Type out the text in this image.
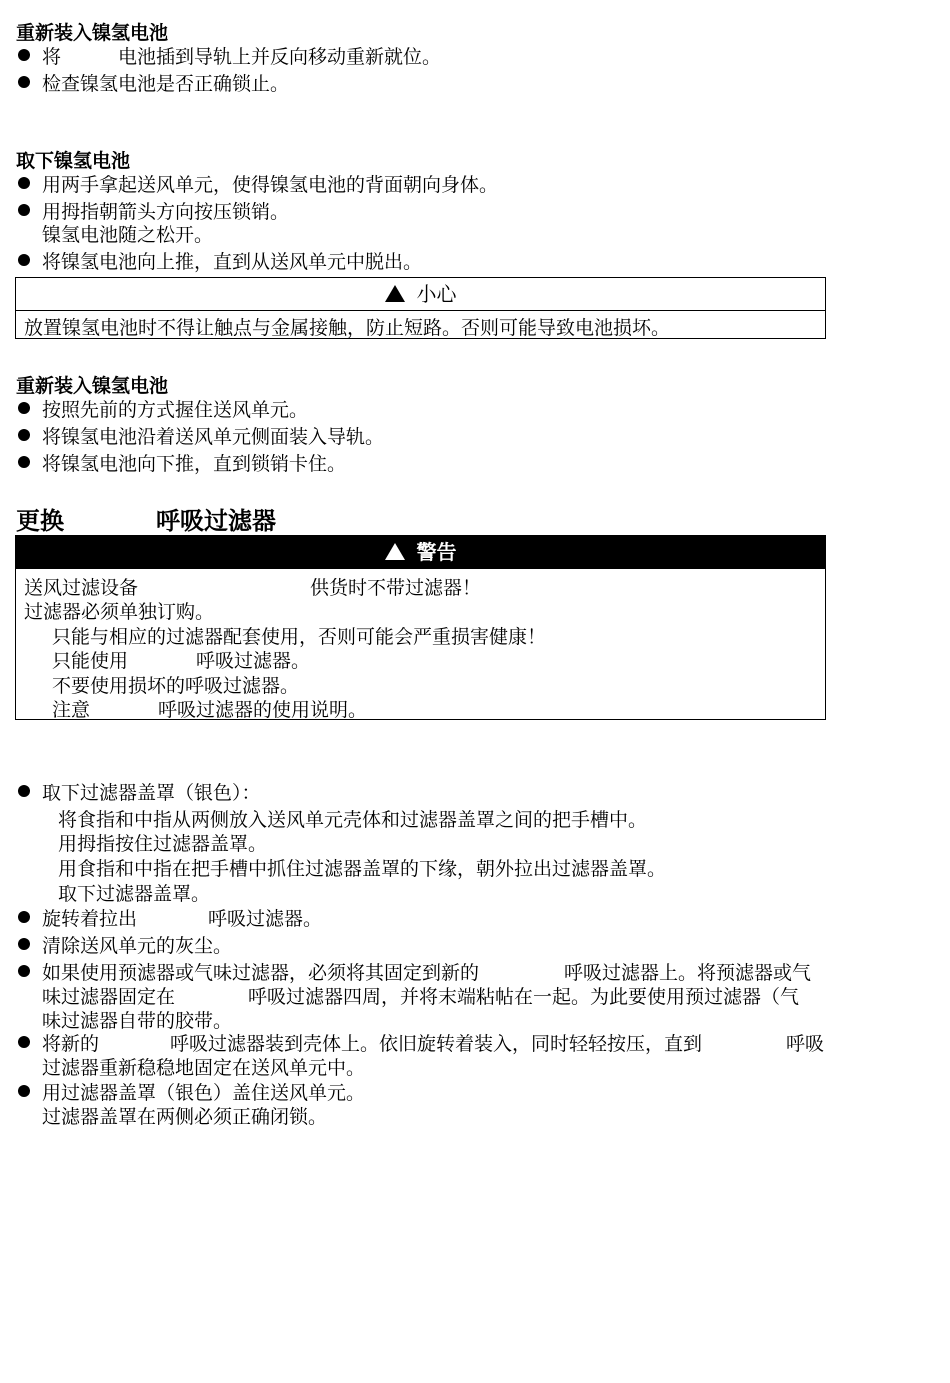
重新装入镍氢电池
将	电池插到导轨上并反向移动重新就位。
检查镍氢电池是否正确锁止。
取下镍氢电池
用两手拿起送风单元，使得镍氢电池的背面朝向身体。
用拇指朝箭头方向按压锁销。
镍氢电池随之松开。
将镍氢电池向上推，直到从送风单元中脱出。
小心
放置镍氢电池时不得让触点与金属接触，防止短路。否则可能导致电池损坏。
重新装入镍氢电池
按照先前的方式握住送风单元。
将镍氢电池沿着送风单元侧面装入导轨。
将镍氢电池向下推，直到锁销卡住。
更换	呼吸过滤器
警告
送风过滤设备	供货时不带过滤器！
过滤器必须单独订购。
只能与相应的过滤器配套使用，否则可能会严重损害健康！
只能使用	呼吸过滤器。
不要使用损坏的呼吸过滤器。
注意	呼吸过滤器的使用说明。
取下过滤器盖罩（银色）：
将食指和中指从两侧放入送风单元壳体和过滤器盖罩之间的把手槽中。
用拇指按住过滤器盖罩。
用食指和中指在把手槽中抓住过滤器盖罩的下缘，朝外拉出过滤器盖罩。
取下过滤器盖罩。
旋转着拉出	呼吸过滤器。
清除送风单元的灰尘。
如果使用预滤器或气味过滤器，必须将其固定到新的	呼吸过滤器上。将预滤器或气
味过滤器固定在	呼吸过滤器四周，并将末端粘帖在一起。为此要使用预过滤器（气
味过滤器自带的胶带。
将新的	呼吸过滤器装到壳体上。依旧旋转着装入，同时轻轻按压，直到	呼吸
过滤器重新稳稳地固定在送风单元中。
用过滤器盖罩（银色）盖住送风单元。
过滤器盖罩在两侧必须正确闭锁。
